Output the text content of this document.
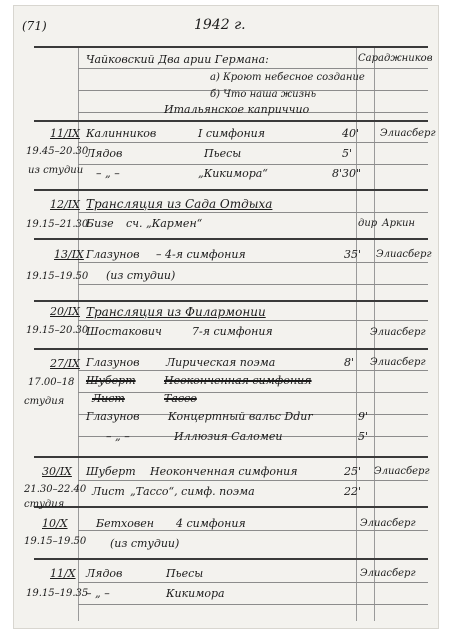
(71)	1942 г.
Чайковский Два арии Германа:	Сараджников
а) Кроют небесное создание
б) Что наша жизнь
Итальянское каприччио
11/IX
19.45–20.30
из студии
Калинников	I симфония	40' Элиасберг
Лядов	Пьесы	5'
– „ –	„Кикимора“	8'30"
12/IX
19.15–21.30
Трансляция из Сада Отдыха
Бизе сч. „Кармен“	дир Аркин
13/IX
19.15–19.50
Глазунов – 4-я симфония	35' Элиасберг
(из студии)
20/IX
19.15–20.30
Трансляция из Филармонии
Шостакович	7-я симфония	Элиасберг
27/IX
17.00–18
студия
Глазунов Лирическая поэма	8' Элиасберг
Шуберт	Неоконченная симфония
Лист	Тассо
Глазунов	Концертный вальс Ddur	9'
– „ –	Иллюзия Саломеи	5'
30/IX
21.30–22.40
студия
Шуберт Неоконченная симфония	25' Элиасберг
Лист „Тассо“, симф. поэма	22'
10/X
19.15–19.50
Бетховен 4 симфония	Элиасберг
(из студии)
11/X
19.15–19.35
Лядов	Пьесы	Элиасберг
– „ –	Кикимора
